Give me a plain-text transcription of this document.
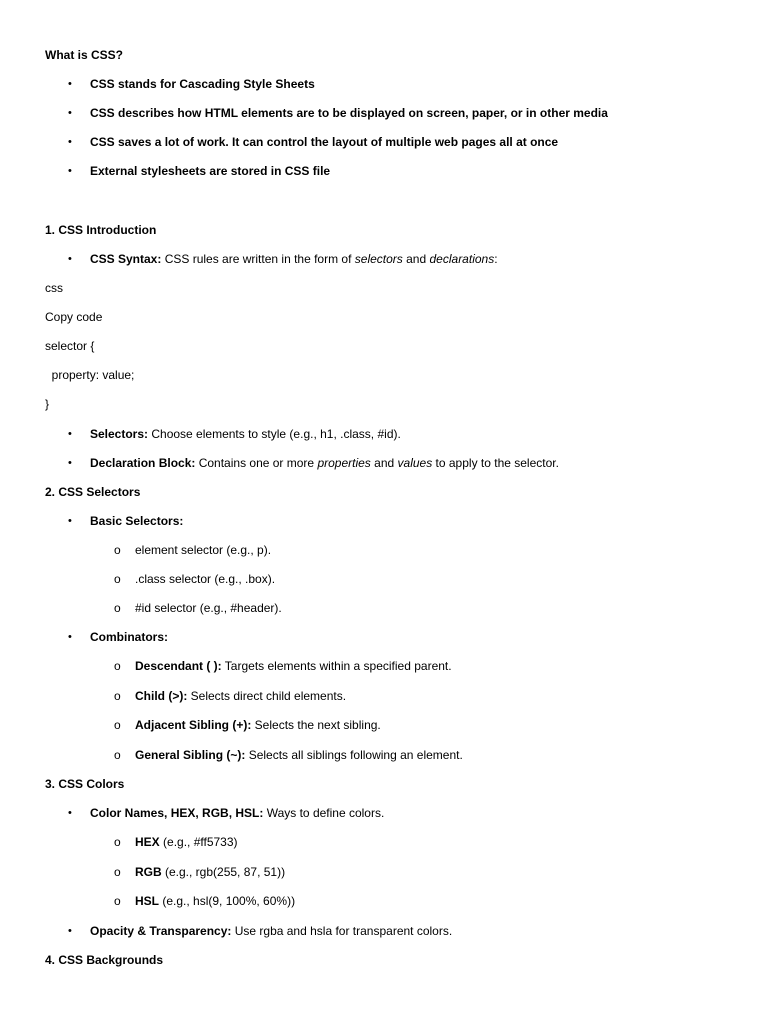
What is CSS?
• CSS stands for Cascading Style Sheets
• CSS describes how HTML elements are to be displayed on screen, paper, or in other media
• CSS saves a lot of work. It can control the layout of multiple web pages all at once
• External stylesheets are stored in CSS file
1. CSS Introduction
• CSS Syntax: CSS rules are written in the form of selectors and declarations:
css
Copy code
selector {
property: value;
}
• Selectors: Choose elements to style (e.g., h1, .class, #id).
• Declaration Block: Contains one or more properties and values to apply to the selector.
2. CSS Selectors
• Basic Selectors:
o element selector (e.g., p).
o .class selector (e.g., .box).
o #id selector (e.g., #header).
• Combinators:
o Descendant ( ): Targets elements within a specified parent.
o Child (>): Selects direct child elements.
o Adjacent Sibling (+): Selects the next sibling.
o General Sibling (~): Selects all siblings following an element.
3. CSS Colors
• Color Names, HEX, RGB, HSL: Ways to define colors.
o HEX (e.g., #ff5733)
o RGB (e.g., rgb(255, 87, 51))
o HSL (e.g., hsl(9, 100%, 60%))
• Opacity & Transparency: Use rgba and hsla for transparent colors.
4. CSS Backgrounds
